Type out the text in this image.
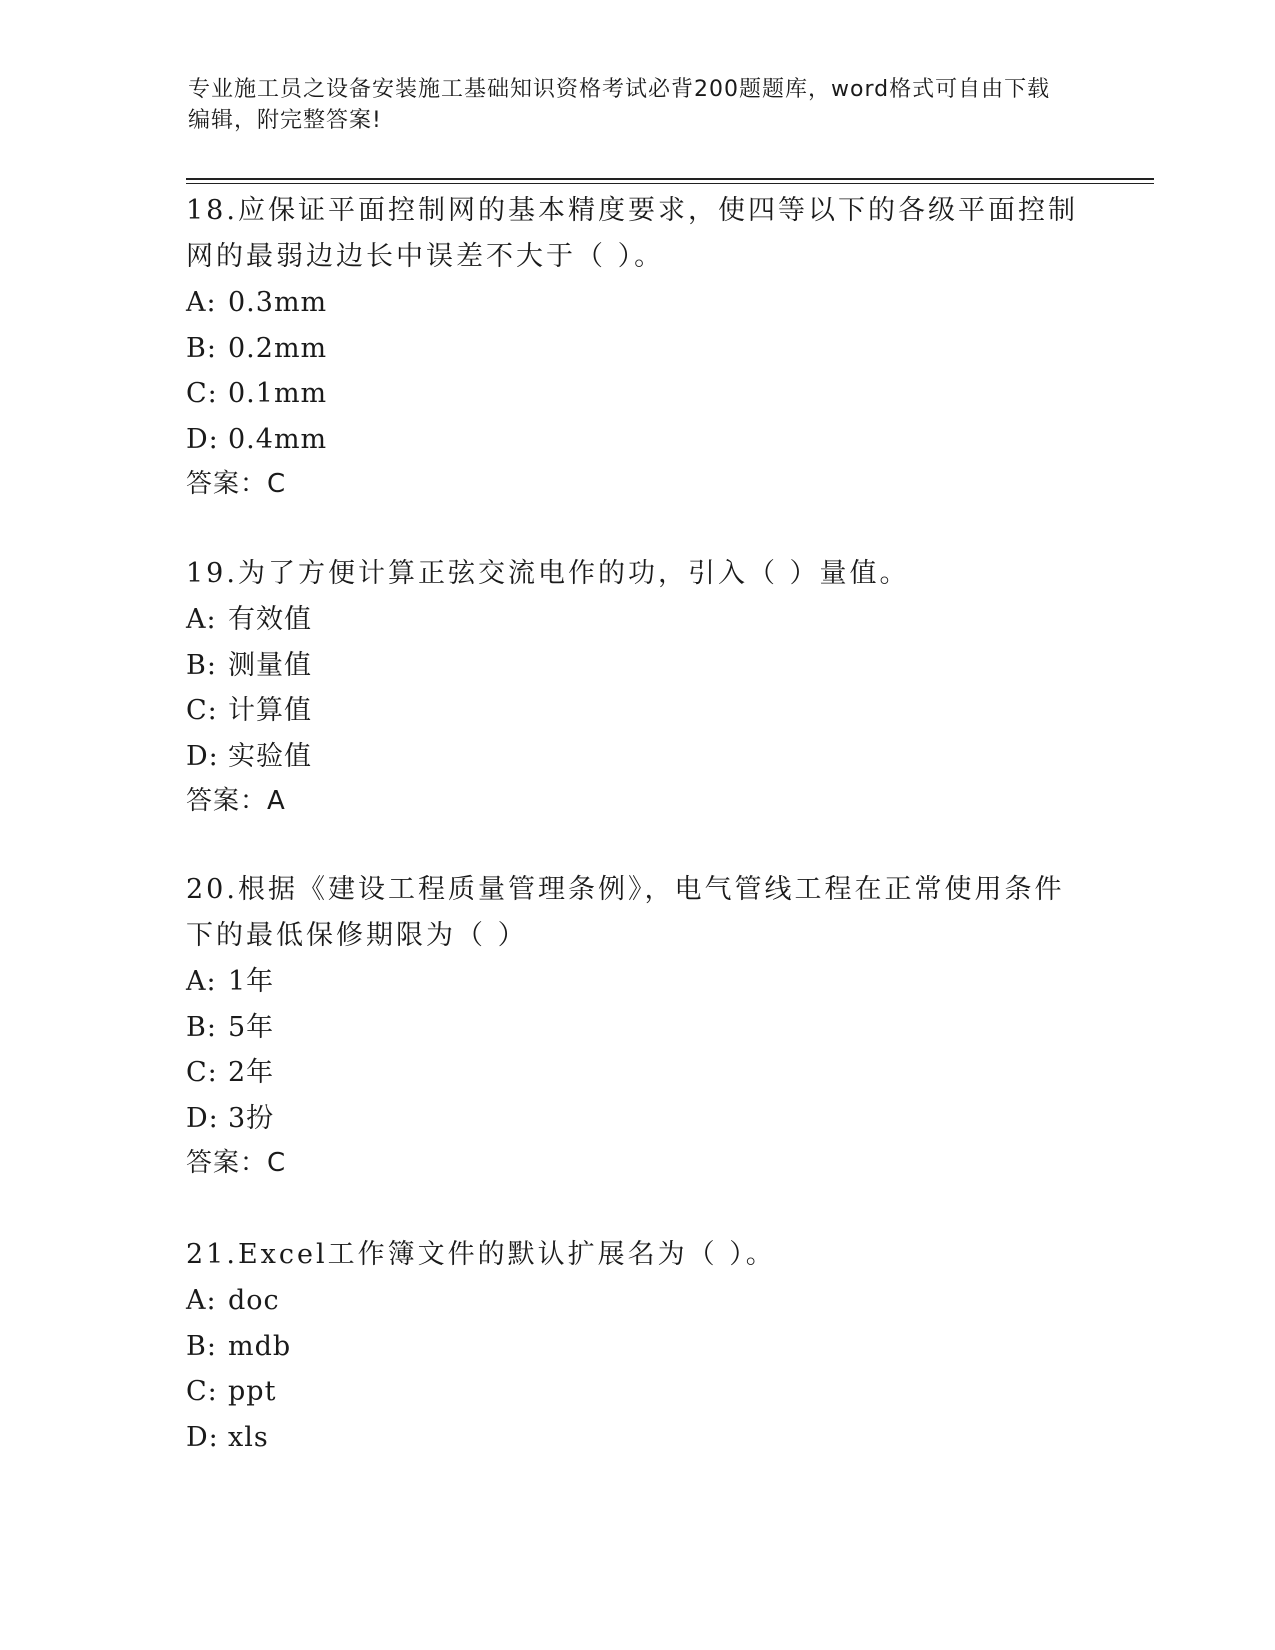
专业施工员之设备安装施工基础知识资格考试必背200题题库，word格式可自由下载编辑，附完整答案!

18.应保证平面控制网的基本精度要求，使四等以下的各级平面控制网的最弱边边长中误差不大于（ ）。

A: 0.3mm

B: 0.2mm

C: 0.1mm

D: 0.4mm

答案：C

19.为了方便计算正弦交流电作的功，引入（ ）量值。

A: 有效值

B: 测量值

C: 计算值

D: 实验值

答案：A

20.根据《建设工程质量管理条例》，电气管线工程在正常使用条件下的最低保修期限为（ ）

A: 1年

B: 5年

C: 2年

D: 3扮

答案：C

21.Excel工作簿文件的默认扩展名为（ ）。

A: doc

B: mdb

C: ppt

D: xls
